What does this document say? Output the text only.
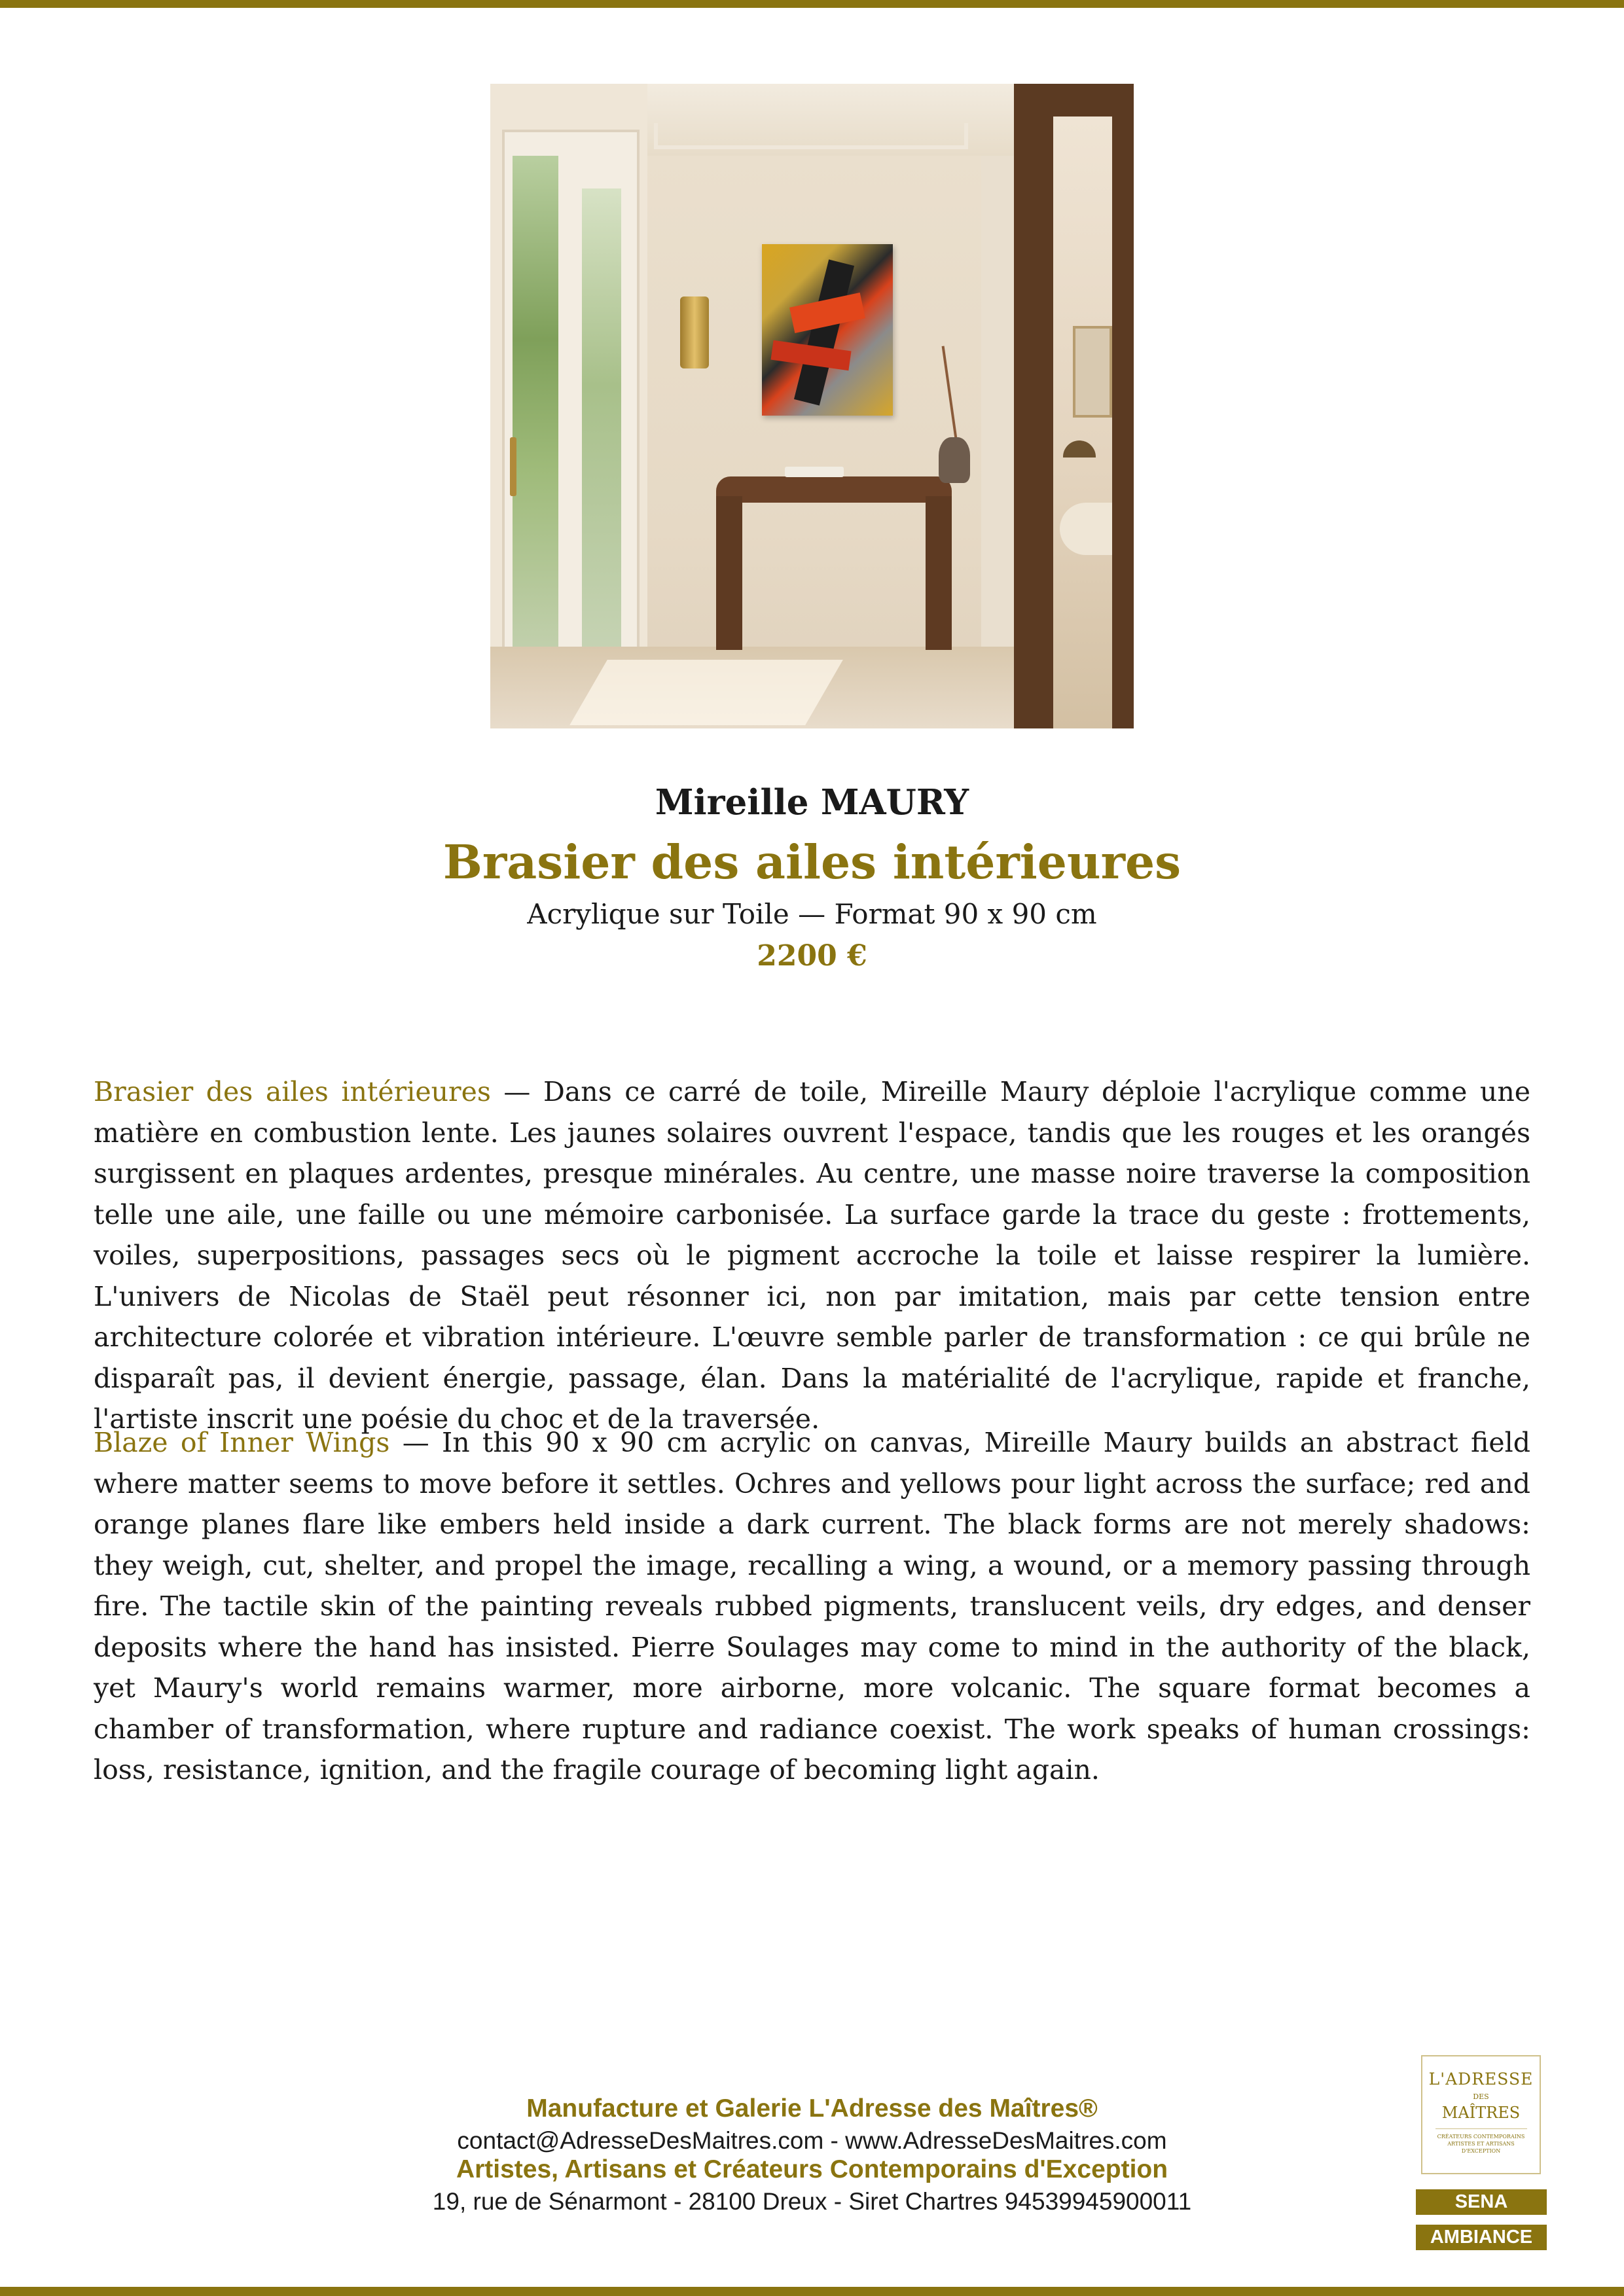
Mireille MAURY
Brasier des ailes intérieures
Acrylique sur Toile — Format 90 x 90 cm
2200 €

Brasier des ailes intérieures — Dans ce carré de toile, Mireille Maury déploie l'acrylique comme une matière en combustion lente. Les jaunes solaires ouvrent l'espace, tandis que les rouges et les orangés surgissent en plaques ardentes, presque minérales. Au centre, une masse noire traverse la composition telle une aile, une faille ou une mémoire carbonisée. La surface garde la trace du geste : frottements, voiles, superpositions, passages secs où le pigment accroche la toile et laisse respirer la lumière. L'univers de Nicolas de Staël peut résonner ici, non par imitation, mais par cette tension entre architecture colorée et vibration intérieure. L'œuvre semble parler de transformation : ce qui brûle ne disparaît pas, il devient énergie, passage, élan. Dans la matérialité de l'acrylique, rapide et franche, l'artiste inscrit une poésie du choc et de la traversée.

Blaze of Inner Wings — In this 90 x 90 cm acrylic on canvas, Mireille Maury builds an abstract field where matter seems to move before it settles. Ochres and yellows pour light across the surface; red and orange planes flare like embers held inside a dark current. The black forms are not merely shadows: they weigh, cut, shelter, and propel the image, recalling a wing, a wound, or a memory passing through fire. The tactile skin of the painting reveals rubbed pigments, translucent veils, dry edges, and denser deposits where the hand has insisted. Pierre Soulages may come to mind in the authority of the black, yet Maury's world remains warmer, more airborne, more volcanic. The square format becomes a chamber of transformation, where rupture and radiance coexist. The work speaks of human crossings: loss, resistance, ignition, and the fragile courage of becoming light again.

Manufacture et Galerie L'Adresse des Maîtres®
contact@AdresseDesMaitres.com - www.AdresseDesMaitres.com
Artistes, Artisans et Créateurs Contemporains d'Exception
19, rue de Sénarmont - 28100 Dreux - Siret Chartres 94539945900011
L'ADRESSE
DES
MAÎTRES
CRÉATEURS CONTEMPORAINS ARTISTES ET ARTISANS D'EXCEPTION
SENA
AMBIANCE
